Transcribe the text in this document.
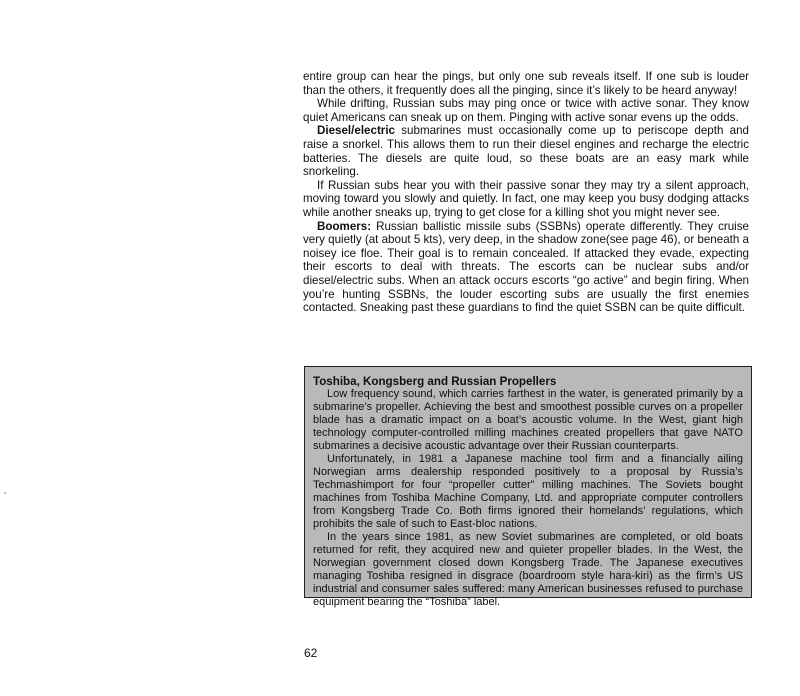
entire group can hear the pings, but only one sub reveals itself. If one sub is louder than the others, it frequently does all the pinging, since it’s likely to be heard anyway!

While drifting, Russian subs may ping once or twice with active sonar. They know quiet Americans can sneak up on them. Pinging with active sonar evens up the odds.

Diesel/electric submarines must occasionally come up to periscope depth and raise a snorkel. This allows them to run their diesel engines and recharge the electric batteries. The diesels are quite loud, so these boats are an easy mark while snorkeling.

If Russian subs hear you with their passive sonar they may try a silent approach, moving toward you slowly and quietly. In fact, one may keep you busy dodging attacks while another sneaks up, trying to get close for a killing shot you might never see.

Boomers: Russian ballistic missile subs (SSBNs) operate differently. They cruise very quietly (at about 5 kts), very deep, in the shadow zone(see page 46), or beneath a noisey ice floe. Their goal is to remain concealed. If attacked they evade, expecting their escorts to deal with threats. The escorts can be nuclear subs and/or diesel/electric subs. When an attack occurs escorts “go active” and begin firing. When you’re hunting SSBNs, the louder escorting subs are usually the first enemies contacted. Sneaking past these guardians to find the quiet SSBN can be quite difficult.

Toshiba, Kongsberg and Russian Propellers

Low frequency sound, which carries farthest in the water, is generated primarily by a submarine’s propeller. Achieving the best and smoothest possible curves on a propeller blade has a dramatic impact on a boat’s acoustic volume. In the West, giant high technology computer-controlled milling machines created propellers that gave NATO submarines a decisive acoustic advantage over their Russian counterparts.

Unfortunately, in 1981 a Japanese machine tool firm and a financially ailing Norwegian arms dealership responded positively to a proposal by Russia’s Techmashimport for four “propeller cutter” milling machines. The Soviets bought machines from Toshiba Machine Company, Ltd. and appropriate computer controllers from Kongsberg Trade Co. Both firms ignored their homelands’ regulations, which prohibits the sale of such to East-bloc nations.

In the years since 1981, as new Soviet submarines are completed, or old boats returned for refit, they acquired new and quieter propeller blades. In the West, the Norwegian government closed down Kongsberg Trade. The Japanese executives managing Toshiba resigned in disgrace (boardroom style hara-kiri) as the firm’s US industrial and consumer sales suffered: many American businesses refused to purchase equipment bearing the “Toshiba” label.

62
